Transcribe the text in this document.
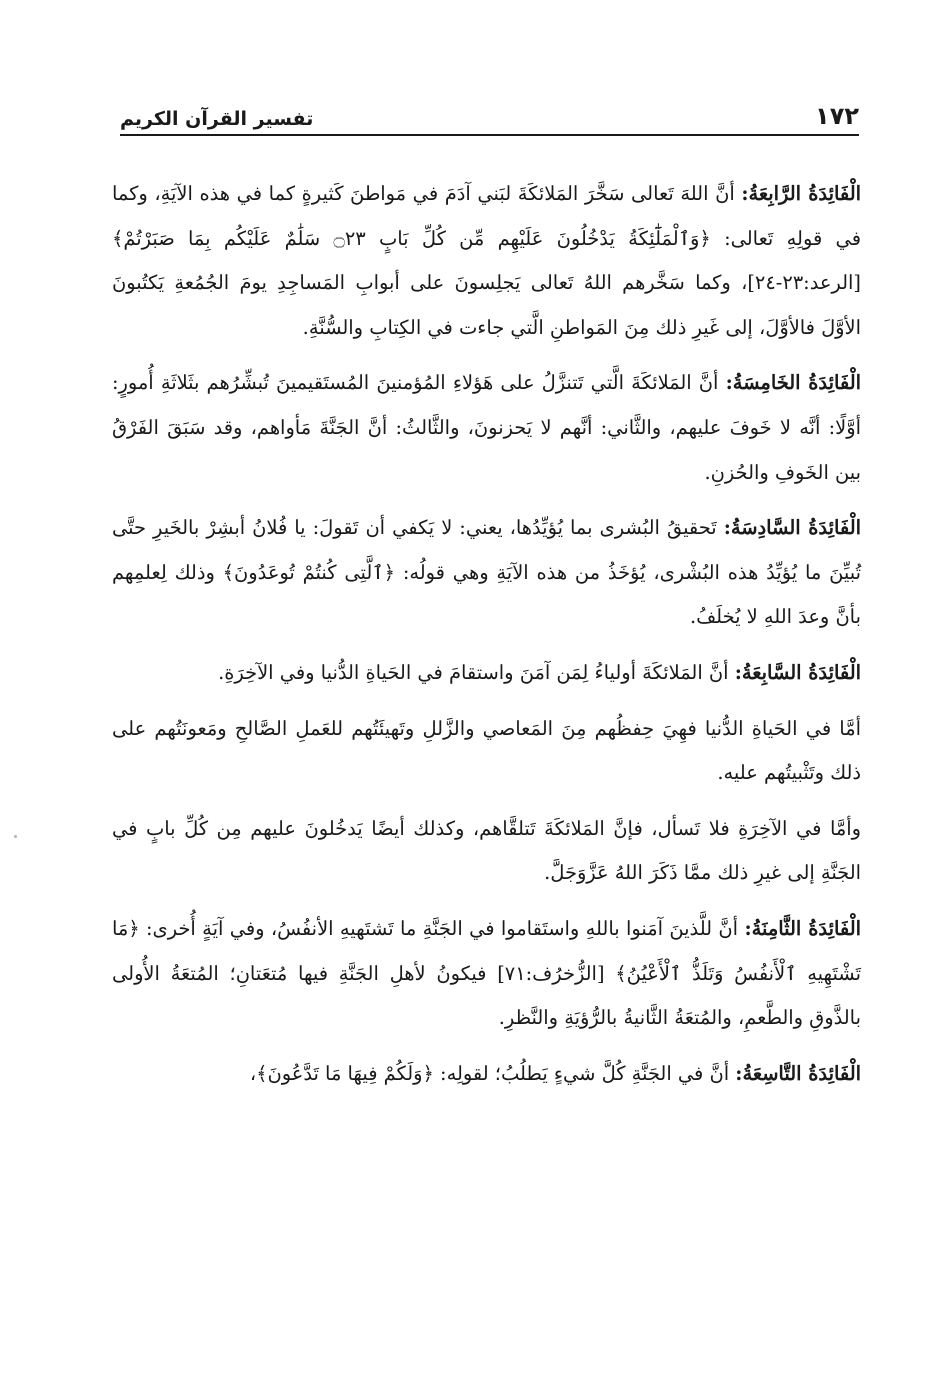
تفسير القرآن الكريم	١٧٢

الْفَائِدَةُ الرَّابِعَةُ: أنَّ اللهَ تَعالى سَخَّرَ المَلائكَةَ لبَني آدَمَ في مَواطنَ كَثيرةٍ كما في هذه الآيَةِ، وكما في قولِهِ تَعالى: ﴿وَٱلْمَلَٰٓئِكَةُ يَدْخُلُونَ عَلَيْهِم مِّن كُلِّ بَابٍ ۝٢٣ سَلَٰمٌ عَلَيْكُم بِمَا صَبَرْتُمْ﴾ [الرعد:٢٣-٢٤]، وكما سَخَّرهم اللهُ تَعالى يَجلِسونَ على أبوابِ المَساجِدِ يومَ الجُمُعةِ يَكتُبونَ الأوَّلَ فالأوَّلَ، إلى غَيرِ ذلك مِنَ المَواطنِ الَّتي جاءت في الكِتابِ والسُّنَّةِ.

الْفَائِدَةُ الخَامِسَةُ: أنَّ المَلائكَةَ الَّتي تَتنزَّلُ على هَؤلاءِ المُؤمنينَ المُستَقيمينَ تُبشِّرُهم بثَلاثَةِ أُمورٍ: أوَّلًا: أنَّه لا خَوفَ عليهم، والثَّاني: أنَّهم لا يَحزنونَ، والثَّالثُ: أنَّ الجَنَّةَ مَأواهم، وقد سَبَقَ الفَرْقُ بين الخَوفِ والحُزنِ.

الْفَائِدَةُ السَّادِسَةُ: تَحقيقُ البُشرى بما يُؤيِّدُها، يعني: لا يَكفي أن تَقولَ: يا فُلانُ أبشِرْ بالخَيرِ حتَّى تُبيِّنَ ما يُؤيِّدُ هذه البُشْرى، يُؤخَذُ من هذه الآيَةِ وهي قولُه: ﴿ٱلَّتِى كُنتُمْ تُوعَدُونَ﴾ وذلك لِعلمِهم بأنَّ وعدَ اللهِ لا يُخلَفُ.

الْفَائِدَةُ السَّابِعَةُ: أنَّ المَلائكَةَ أولياءُ لِمَن آمَنَ واستقامَ في الحَياةِ الدُّنيا وفي الآخِرَةِ.

أمَّا في الحَياةِ الدُّنيا فهِيَ حِفظُهم مِنَ المَعاصي والزَّللِ وتَهيئَتُهم للعَملِ الصَّالحِ ومَعونَتُهم على ذلك وتَثْبيتُهم عليه.

وأمَّا في الآخِرَةِ فلا تَسأل، فإنَّ المَلائكَةَ تَتلقَّاهم، وكذلك أيضًا يَدخُلونَ عليهم مِن كُلِّ بابٍ في الجَنَّةِ إلى غيرِ ذلك ممَّا ذَكَرَ اللهُ عَزَّوَجَلَّ.

الْفَائِدَةُ الثَّامِنَةُ: أنَّ للَّذينَ آمَنوا باللهِ واستَقاموا في الجَنَّةِ ما تَشتَهيهِ الأنفُسُ، وفي آيَةٍ أُخرى: ﴿مَا تَشْتَهِيهِ ٱلْأَنفُسُ وَتَلَذُّ ٱلْأَعْيُنُ﴾ [الزُّخرُف:٧١] فيكونُ لأهلِ الجَنَّةِ فيها مُتعَتانِ؛ المُتعَةُ الأُولى بالذَّوقِ والطَّعمِ، والمُتعَةُ الثَّانيةُ بالرُّؤيَةِ والنَّظرِ.

الْفَائِدَةُ التَّاسِعَةُ: أنَّ في الجَنَّةِ كُلَّ شيءٍ يَطلُبُ؛ لقولِه: ﴿وَلَكُمْ فِيهَا مَا تَدَّعُونَ﴾،
